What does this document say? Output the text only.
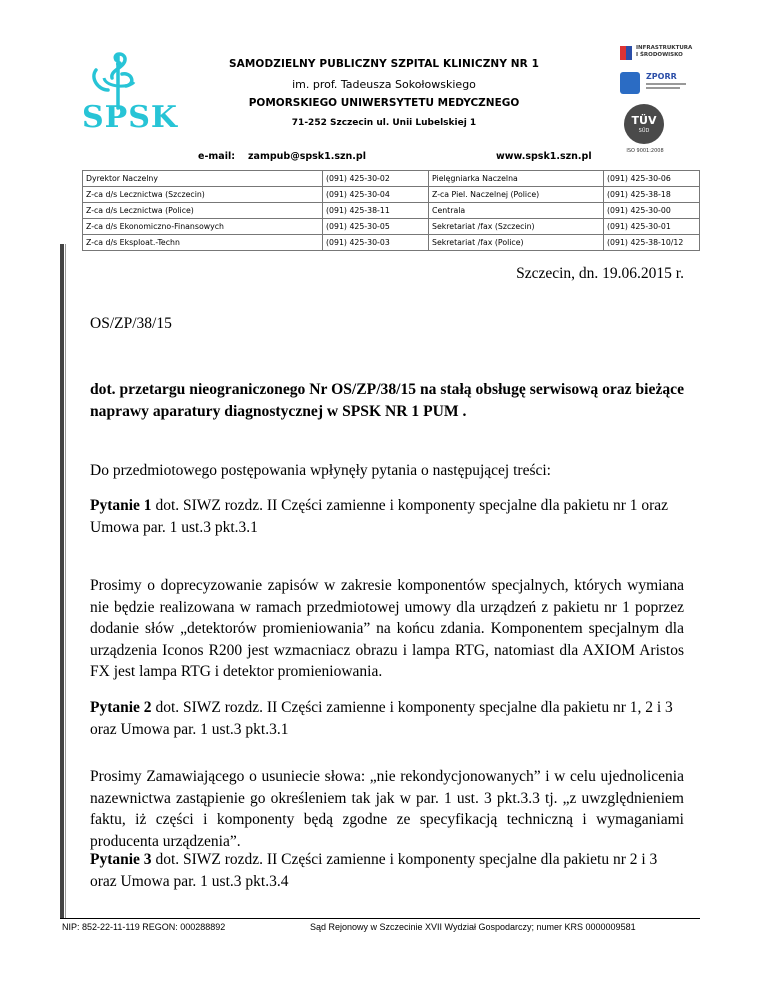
SPSK
SAMODZIELNY PUBLICZNY SZPITAL KLINICZNY NR 1
im. prof. Tadeusza Sokołowskiego
POMORSKIEGO UNIWERSYTETU MEDYCZNEGO
71-252 Szczecin ul. Unii Lubelskiej 1
e-mail: zampub@spsk1.szn.pl	www.spsk1.szn.pl
INFRASTRUKTURA I ŚRODOWISKO
ZPORR
TÜV
SÜD
ISO 9001:2008
Dyrektor Naczelny	(091) 425-30-02	Pielęgniarka Naczelna	(091) 425-30-06
Z-ca d/s Lecznictwa (Szczecin)	(091) 425-30-04	Z-ca Piel. Naczelnej (Police)	(091) 425-38-18
Z-ca d/s Lecznictwa (Police)	(091) 425-38-11	Centrala	(091) 425-30-00
Z-ca d/s Ekonomiczno-Finansowych	(091) 425-30-05	Sekretariat /fax (Szczecin)	(091) 425-30-01
Z-ca d/s Eksploat.-Techn	(091) 425-30-03	Sekretariat /fax (Police)	(091) 425-38-10/12
Szczecin, dn. 19.06.2015 r.
OS/ZP/38/15
dot. przetargu nieograniczonego Nr OS/ZP/38/15 na stałą obsługę serwisową oraz bieżące naprawy aparatury diagnostycznej w SPSK NR 1 PUM .
Do przedmiotowego postępowania wpłynęły pytania o następującej treści:
Pytanie 1 dot. SIWZ rozdz. II Części zamienne i komponenty specjalne dla pakietu nr 1 oraz Umowa par. 1 ust.3 pkt.3.1
Prosimy o doprecyzowanie zapisów w zakresie komponentów specjalnych, których wymiana nie będzie realizowana w ramach przedmiotowej umowy dla urządzeń z pakietu nr 1 poprzez dodanie słów „detektorów promieniowania” na końcu zdania. Komponentem specjalnym dla urządzenia Iconos R200 jest wzmacniacz obrazu i lampa RTG, natomiast dla AXIOM Aristos FX jest lampa RTG i detektor promieniowania.
Pytanie 2 dot. SIWZ rozdz. II Części zamienne i komponenty specjalne dla pakietu nr 1, 2 i 3 oraz Umowa par. 1 ust.3 pkt.3.1
Prosimy Zamawiającego o usuniecie słowa: „nie rekondycjonowanych” i w celu ujednolicenia nazewnictwa zastąpienie go określeniem tak jak w par. 1 ust. 3 pkt.3.3 tj. „z uwzględnieniem faktu, iż części i komponenty będą zgodne ze specyfikacją techniczną i wymaganiami producenta urządzenia”.
Pytanie 3 dot. SIWZ rozdz. II Części zamienne i komponenty specjalne dla pakietu nr 2 i 3 oraz Umowa par. 1 ust.3 pkt.3.4
NIP: 852-22-11-119 REGON: 000288892	Sąd Rejonowy w Szczecinie XVII Wydział Gospodarczy; numer KRS 0000009581
